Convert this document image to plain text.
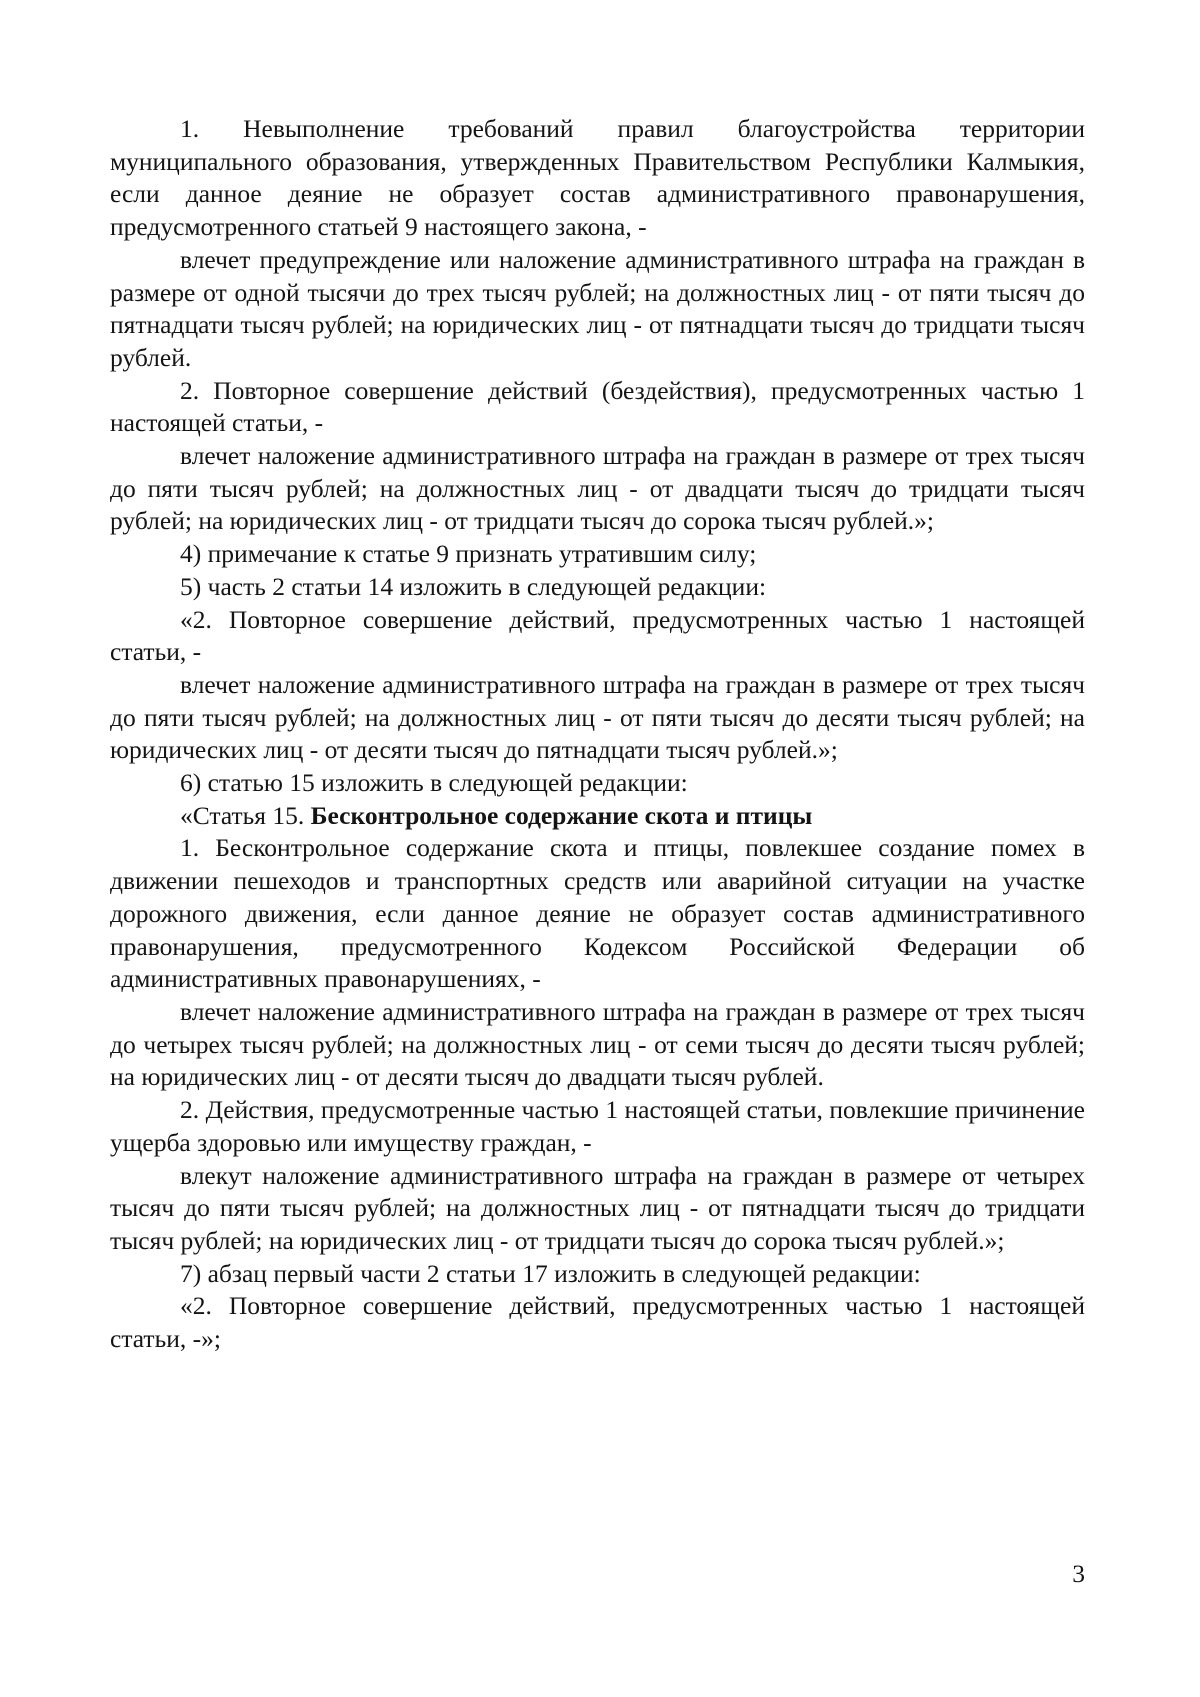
1. Невыполнение требований правил благоустройства территории муниципального образования, утвержденных Правительством Республики Калмыкия, если данное деяние не образует состав административного правонарушения, предусмотренного статьей 9 настоящего закона, -

влечет предупреждение или наложение административного штрафа на граждан в размере от одной тысячи до трех тысяч рублей; на должностных лиц - от пяти тысяч до пятнадцати тысяч рублей; на юридических лиц - от пятнадцати тысяч до тридцати тысяч рублей.

2. Повторное совершение действий (бездействия), предусмотренных частью 1 настоящей статьи, -

влечет наложение административного штрафа на граждан в размере от трех тысяч до пяти тысяч рублей; на должностных лиц - от двадцати тысяч до тридцати тысяч рублей; на юридических лиц - от тридцати тысяч до сорока тысяч рублей.»;

4) примечание к статье 9 признать утратившим силу;

5) часть 2 статьи 14 изложить в следующей редакции:

«2. Повторное совершение действий, предусмотренных частью 1 настоящей статьи, -

влечет наложение административного штрафа на граждан в размере от трех тысяч до пяти тысяч рублей; на должностных лиц - от пяти тысяч до десяти тысяч рублей; на юридических лиц - от десяти тысяч до пятнадцати тысяч рублей.»;

6) статью 15 изложить в следующей редакции:

«Статья 15. Бесконтрольное содержание скота и птицы

1. Бесконтрольное содержание скота и птицы, повлекшее создание помех в движении пешеходов и транспортных средств или аварийной ситуации на участке дорожного движения, если данное деяние не образует состав административного правонарушения, предусмотренного Кодексом Российской Федерации об административных правонарушениях, -

влечет наложение административного штрафа на граждан в размере от трех тысяч до четырех тысяч рублей; на должностных лиц - от семи тысяч до десяти тысяч рублей; на юридических лиц - от десяти тысяч до двадцати тысяч рублей.

2. Действия, предусмотренные частью 1 настоящей статьи, повлекшие причинение ущерба здоровью или имуществу граждан, -

влекут наложение административного штрафа на граждан в размере от четырех тысяч до пяти тысяч рублей; на должностных лиц - от пятнадцати тысяч до тридцати тысяч рублей; на юридических лиц - от тридцати тысяч до сорока тысяч рублей.»;

7) абзац первый части 2 статьи 17 изложить в следующей редакции:

«2. Повторное совершение действий, предусмотренных частью 1 настоящей статьи, -»;

3
